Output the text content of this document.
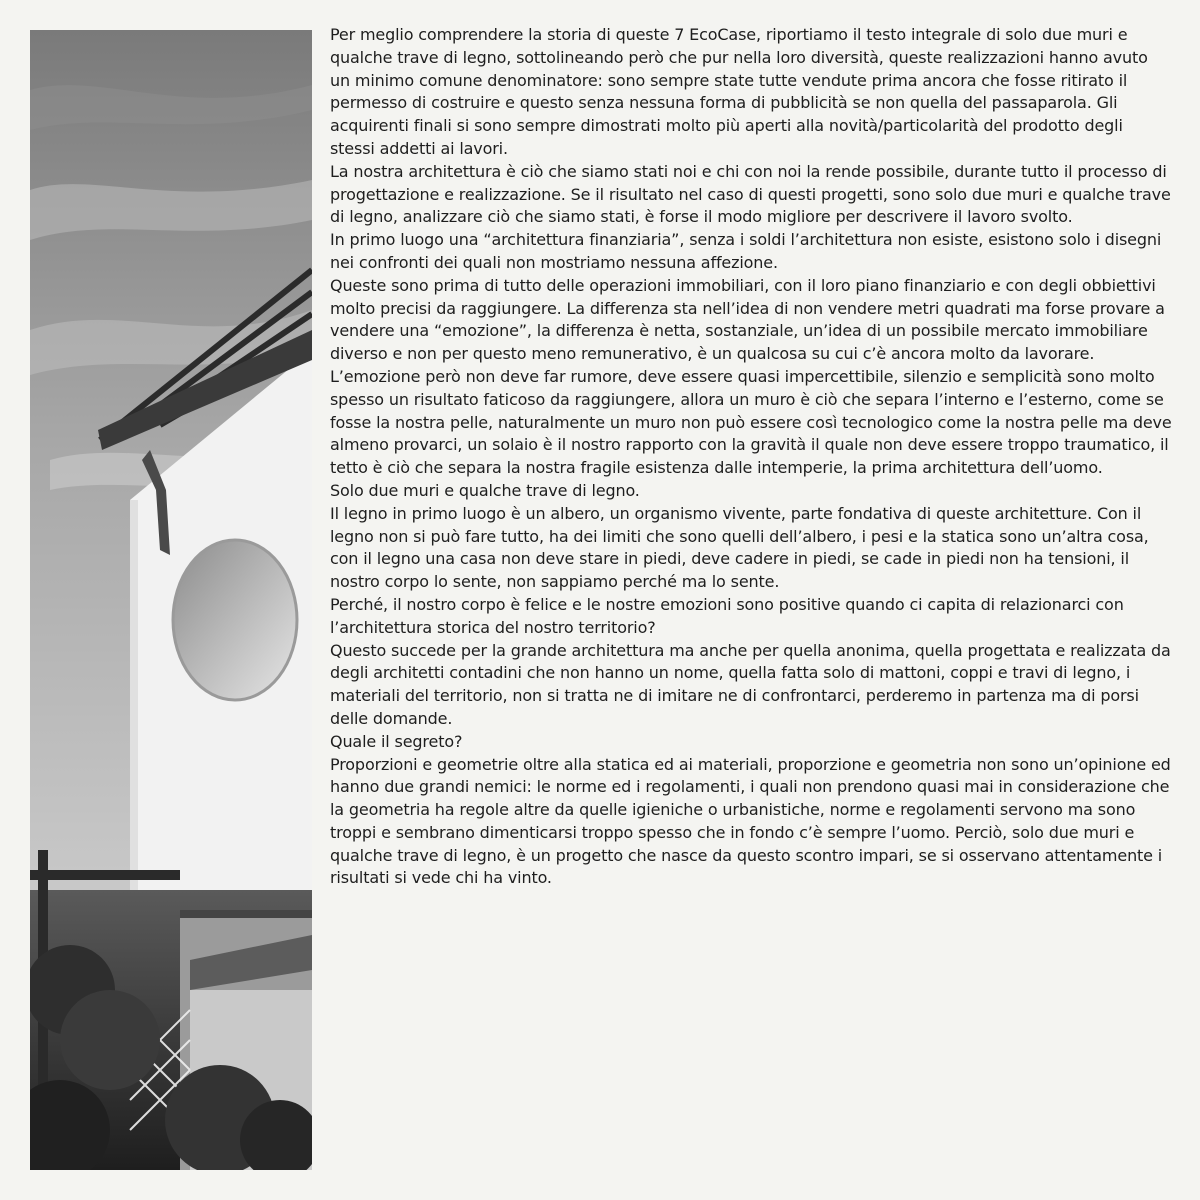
Per meglio comprendere la storia di queste 7 EcoCase, riportiamo il testo integrale di solo due muri e qualche trave di legno, sottolineando però che pur nella loro diversità, queste realizzazioni hanno avuto un minimo comune denominatore: sono sempre state tutte vendute prima ancora che fosse ritirato il permesso di costruire e questo senza nessuna forma di pubblicità se non quella del passaparola. Gli acquirenti finali si sono sempre dimostrati molto più aperti alla novità/particolarità del prodotto degli stessi addetti ai lavori.

La nostra architettura è ciò che siamo stati noi e chi con noi la rende possibile, durante tutto il processo di progettazione e realizzazione. Se il risultato nel caso di questi progetti, sono solo due muri e qualche trave di legno, analizzare ciò che siamo stati, è forse il modo migliore per descrivere il lavoro svolto.

In primo luogo una “architettura finanziaria”, senza i soldi l’architettura non esiste, esistono solo i disegni nei confronti dei quali non mostriamo nessuna affezione.

Queste sono prima di tutto delle operazioni immobiliari, con il loro piano finanziario e con degli obbiettivi molto precisi da raggiungere. La differenza sta nell’idea di non vendere metri quadrati ma forse provare a vendere una “emozione”, la differenza è netta, sostanziale, un’idea di un possibile mercato immobiliare diverso e non per questo meno remunerativo, è un qualcosa su cui c’è ancora molto da lavorare.

L’emozione però non deve far rumore, deve essere quasi impercettibile, silenzio e semplicità sono molto spesso un risultato faticoso da raggiungere, allora un muro è ciò che separa l’interno e l’esterno, come se fosse la nostra pelle, naturalmente un muro non può essere così tecnologico come la nostra pelle ma deve almeno provarci, un solaio è il nostro rapporto con la gravità il quale non deve essere troppo traumatico, il tetto è ciò che separa la nostra fragile esistenza dalle intemperie, la prima architettura dell’uomo.

Solo due muri e qualche trave di legno.

Il legno in primo luogo è un albero, un organismo vivente, parte fondativa di queste architetture. Con il legno non si può fare tutto, ha dei limiti che sono quelli dell’albero, i pesi e la statica sono un’altra cosa, con il legno una casa non deve stare in piedi, deve cadere in piedi, se cade in piedi non ha tensioni, il nostro corpo lo sente, non sappiamo perché ma lo sente.

Perché, il nostro corpo è felice e le nostre emozioni sono positive quando ci capita di relazionarci con l’architettura storica del nostro territorio?

Questo succede per la grande architettura ma anche per quella anonima, quella progettata e realizzata da degli architetti contadini che non hanno un nome, quella fatta solo di mattoni, coppi e travi di legno, i materiali del territorio, non si tratta ne di imitare ne di confrontarci, perderemo in partenza ma di porsi delle domande.

Quale il segreto?

Proporzioni e geometrie oltre alla statica ed ai materiali, proporzione e geometria non sono un’opinione ed hanno due grandi nemici: le norme ed i regolamenti, i quali non prendono quasi mai in considerazione che la geometria ha regole altre da quelle igieniche o urbanistiche, norme e regolamenti servono ma sono troppi e sembrano dimenticarsi troppo spesso che in fondo c’è sempre l’uomo. Perciò, solo due muri e qualche trave di legno, è un progetto che nasce da questo scontro impari, se si osservano attentamente i risultati si vede chi ha vinto.
